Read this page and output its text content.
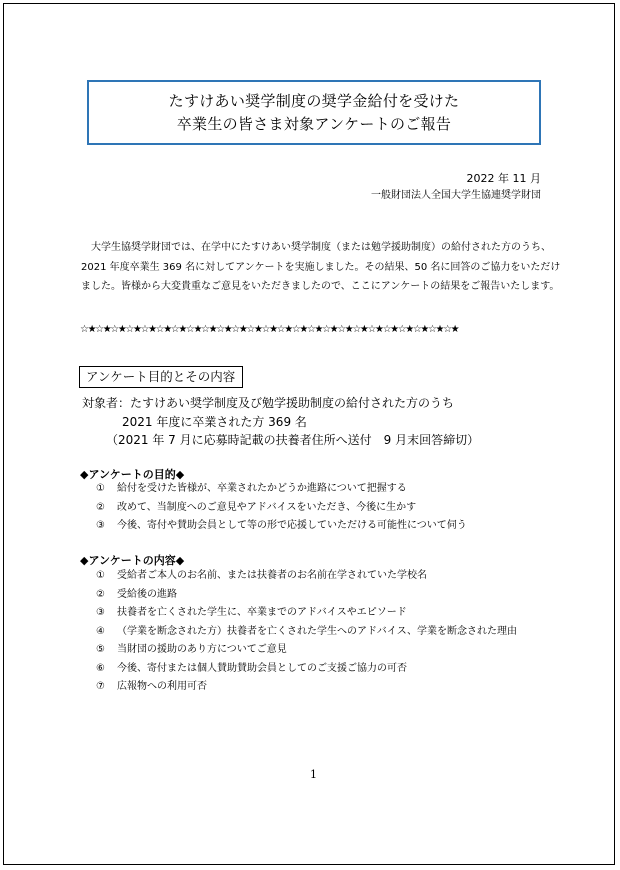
たすけあい奨学制度の奨学金給付を受けた
卒業生の皆さま対象アンケートのご報告
2022 年 11 月
一般財団法人全国大学生協連奨学財団
大学生協奨学財団では、在学中にたすけあい奨学制度（または勉学援助制度）の給付された方のうち、
2021 年度卒業生 369 名に対してアンケートを実施しました。その結果、50 名に回答のご協力をいただけ
ました。皆様から大変貴重なご意見をいただきましたので、ここにアンケートの結果をご報告いたします。
☆★☆★☆★☆★☆★☆★☆★☆★☆★☆★☆★☆★☆★☆★☆★☆★☆★☆★☆★☆★☆★☆★☆★☆★☆★
アンケート目的とその内容
対象者：たすけあい奨学制度及び勉学援助制度の給付された方のうち
2021 年度に卒業された方 369 名
（2021 年 7 月に応募時記載の扶養者住所へ送付　9 月末回答締切）
◆アンケートの目的◆
① 給付を受けた皆様が、卒業されたかどうか進路について把握する
② 改めて、当制度へのご意見やアドバイスをいただき、今後に生かす
③ 今後、寄付や賛助会員として等の形で応援していただける可能性について伺う
◆アンケートの内容◆
① 受給者ご本人のお名前、または扶養者のお名前在学されていた学校名
② 受給後の進路
③ 扶養者を亡くされた学生に、卒業までのアドバイスやエピソード
④ （学業を断念された方）扶養者を亡くされた学生へのアドバイス、学業を断念された理由
⑤ 当財団の援助のあり方についてご意見
⑥ 今後、寄付または個人賛助賛助会員としてのご支援ご協力の可否
⑦ 広報物への利用可否
1
